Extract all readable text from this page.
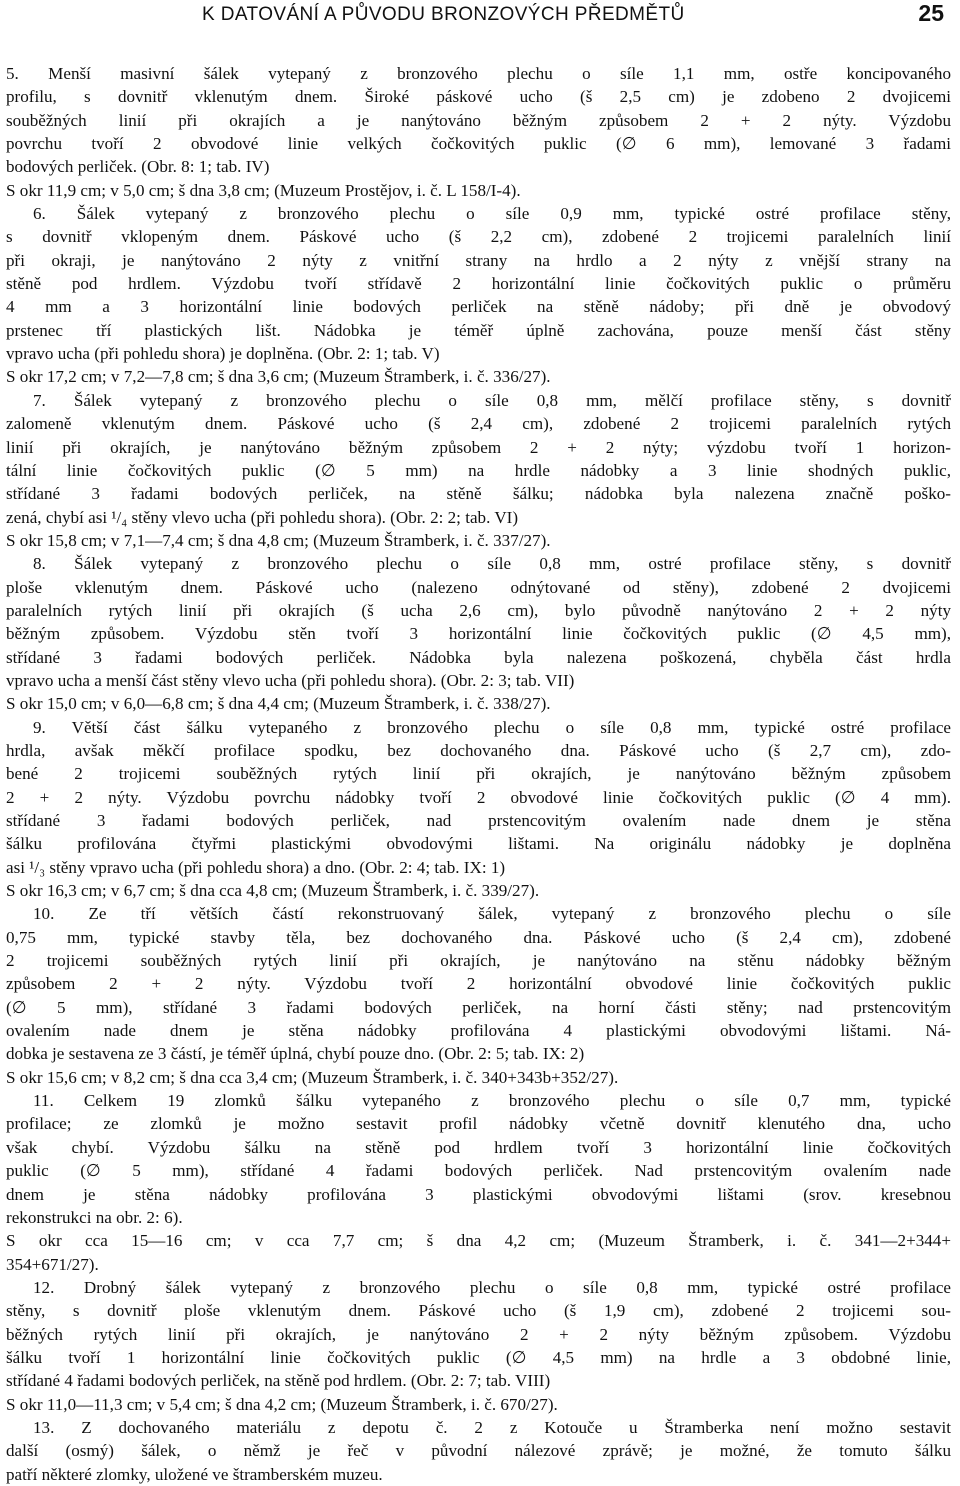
K DATOVÁNÍ A PŮVODU BRONZOVÝCH PŘEDMĚTŮ	25
5. Menší masivní šálek vytepaný z bronzového plechu o síle 1,1 mm, ostře koncipovaného
profilu, s dovnitř vklenutým dnem. Široké páskové ucho (š 2,5 cm) je zdobeno 2 dvojicemi
souběžných linií při okrajích a je nanýtováno běžným způsobem 2 + 2 nýty. Výzdobu
povrchu tvoří 2 obvodové linie velkých čočkovitých puklic (∅ 6 mm), lemované 3 řadami
bodových perliček. (Obr. 8: 1; tab. IV)
S okr 11,9 cm; v 5,0 cm; š dna 3,8 cm; (Muzeum Prostějov, i. č. L 158/I-4).
6. Šálek vytepaný z bronzového plechu o síle 0,9 mm, typické ostré profilace stěny,
s dovnitř vklopeným dnem. Páskové ucho (š 2,2 cm), zdobené 2 trojicemi paralelních linií
při okraji, je nanýtováno 2 nýty z vnitřní strany na hrdlo a 2 nýty z vnější strany na
stěně pod hrdlem. Výzdobu tvoří střídavě 2 horizontální linie čočkovitých puklic o průměru
4 mm a 3 horizontální linie bodových perliček na stěně nádoby; při dně je obvodový
prstenec tří plastických lišt. Nádobka je téměř úplně zachována, pouze menší část stěny
vpravo ucha (při pohledu shora) je doplněna. (Obr. 2: 1; tab. V)
S okr 17,2 cm; v 7,2—7,8 cm; š dna 3,6 cm; (Muzeum Štramberk, i. č. 336/27).
7. Šálek vytepaný z bronzového plechu o síle 0,8 mm, mělčí profilace stěny, s dovnitř
zalomeně vklenutým dnem. Páskové ucho (š 2,4 cm), zdobené 2 trojicemi paralelních rytých
linií při okrajích, je nanýtováno běžným způsobem 2 + 2 nýty; výzdobu tvoří 1 horizon-
tální linie čočkovitých puklic (∅ 5 mm) na hrdle nádobky a 3 linie shodných puklic,
střídané 3 řadami bodových perliček, na stěně šálku; nádobka byla nalezena značně poško-
zená, chybí asi ¹/₄ stěny vlevo ucha (při pohledu shora). (Obr. 2: 2; tab. VI)
S okr 15,8 cm; v 7,1—7,4 cm; š dna 4,8 cm; (Muzeum Štramberk, i. č. 337/27).
8. Šálek vytepaný z bronzového plechu o síle 0,8 mm, ostré profilace stěny, s dovnitř
ploše vklenutým dnem. Páskové ucho (nalezeno odnýtované od stěny), zdobené 2 dvojicemi
paralelních rytých linií při okrajích (š ucha 2,6 cm), bylo původně nanýtováno 2 + 2 nýty
běžným způsobem. Výzdobu stěn tvoří 3 horizontální linie čočkovitých puklic (∅ 4,5 mm),
střídané 3 řadami bodových perliček. Nádobka byla nalezena poškozená, chyběla část hrdla
vpravo ucha a menší část stěny vlevo ucha (při pohledu shora). (Obr. 2: 3; tab. VII)
S okr 15,0 cm; v 6,0—6,8 cm; š dna 4,4 cm; (Muzeum Štramberk, i. č. 338/27).
9. Větší část šálku vytepaného z bronzového plechu o síle 0,8 mm, typické ostré profilace
hrdla, avšak měkčí profilace spodku, bez dochovaného dna. Páskové ucho (š 2,7 cm), zdo-
bené 2 trojicemi souběžných rytých linií při okrajích, je nanýtováno běžným způsobem
2 + 2 nýty. Výzdobu povrchu nádobky tvoří 2 obvodové linie čočkovitých puklic (∅ 4 mm).
střídané 3 řadami bodových perliček, nad prstencovitým ovalením nade dnem je stěna
šálku profilována čtyřmi plastickými obvodovými lištami. Na originálu nádobky je doplněna
asi ¹/₃ stěny vpravo ucha (při pohledu shora) a dno. (Obr. 2: 4; tab. IX: 1)
S okr 16,3 cm; v 6,7 cm; š dna cca 4,8 cm; (Muzeum Štramberk, i. č. 339/27).
10. Ze tří větších částí rekonstruovaný šálek, vytepaný z bronzového plechu o síle
0,75 mm, typické stavby těla, bez dochovaného dna. Páskové ucho (š 2,4 cm), zdobené
2 trojicemi souběžných rytých linií při okrajích, je nanýtováno na stěnu nádobky běžným
způsobem 2 + 2 nýty. Výzdobu tvoří 2 horizontální obvodové linie čočkovitých puklic
(∅ 5 mm), střídané 3 řadami bodových perliček, na horní části stěny; nad prstencovitým
ovalením nade dnem je stěna nádobky profilována 4 plastickými obvodovými lištami. Ná-
dobka je sestavena ze 3 částí, je téměř úplná, chybí pouze dno. (Obr. 2: 5; tab. IX: 2)
S okr 15,6 cm; v 8,2 cm; š dna cca 3,4 cm; (Muzeum Štramberk, i. č. 340+343b+352/27).
11. Celkem 19 zlomků šálku vytepaného z bronzového plechu o síle 0,7 mm, typické
profilace; ze zlomků je možno sestavit profil nádobky včetně dovnitř klenutého dna, ucho
však chybí. Výzdobu šálku na stěně pod hrdlem tvoří 3 horizontální linie čočkovitých
puklic (∅ 5 mm), střídané 4 řadami bodových perliček. Nad prstencovitým ovalením nade
dnem je stěna nádobky profilována 3 plastickými obvodovými lištami (srov. kresebnou
rekonstrukci na obr. 2: 6).
S okr cca 15—16 cm; v cca 7,7 cm; š dna 4,2 cm; (Muzeum Štramberk, i. č. 341—2+344+
354+671/27).
12. Drobný šálek vytepaný z bronzového plechu o síle 0,8 mm, typické ostré profilace
stěny, s dovnitř ploše vklenutým dnem. Páskové ucho (š 1,9 cm), zdobené 2 trojicemi sou-
běžných rytých linií při okrajích, je nanýtováno 2 + 2 nýty běžným způsobem. Výzdobu
šálku tvoří 1 horizontální linie čočkovitých puklic (∅ 4,5 mm) na hrdle a 3 obdobné linie,
střídané 4 řadami bodových perliček, na stěně pod hrdlem. (Obr. 2: 7; tab. VIII)
S okr 11,0—11,3 cm; v 5,4 cm; š dna 4,2 cm; (Muzeum Štramberk, i. č. 670/27).
13. Z dochovaného materiálu z depotu č. 2 z Kotouče u Štramberka není možno sestavit
další (osmý) šálek, o němž je řeč v původní nálezové zprávě; je možné, že tomuto šálku
patří některé zlomky, uložené ve štramberském muzeu.
